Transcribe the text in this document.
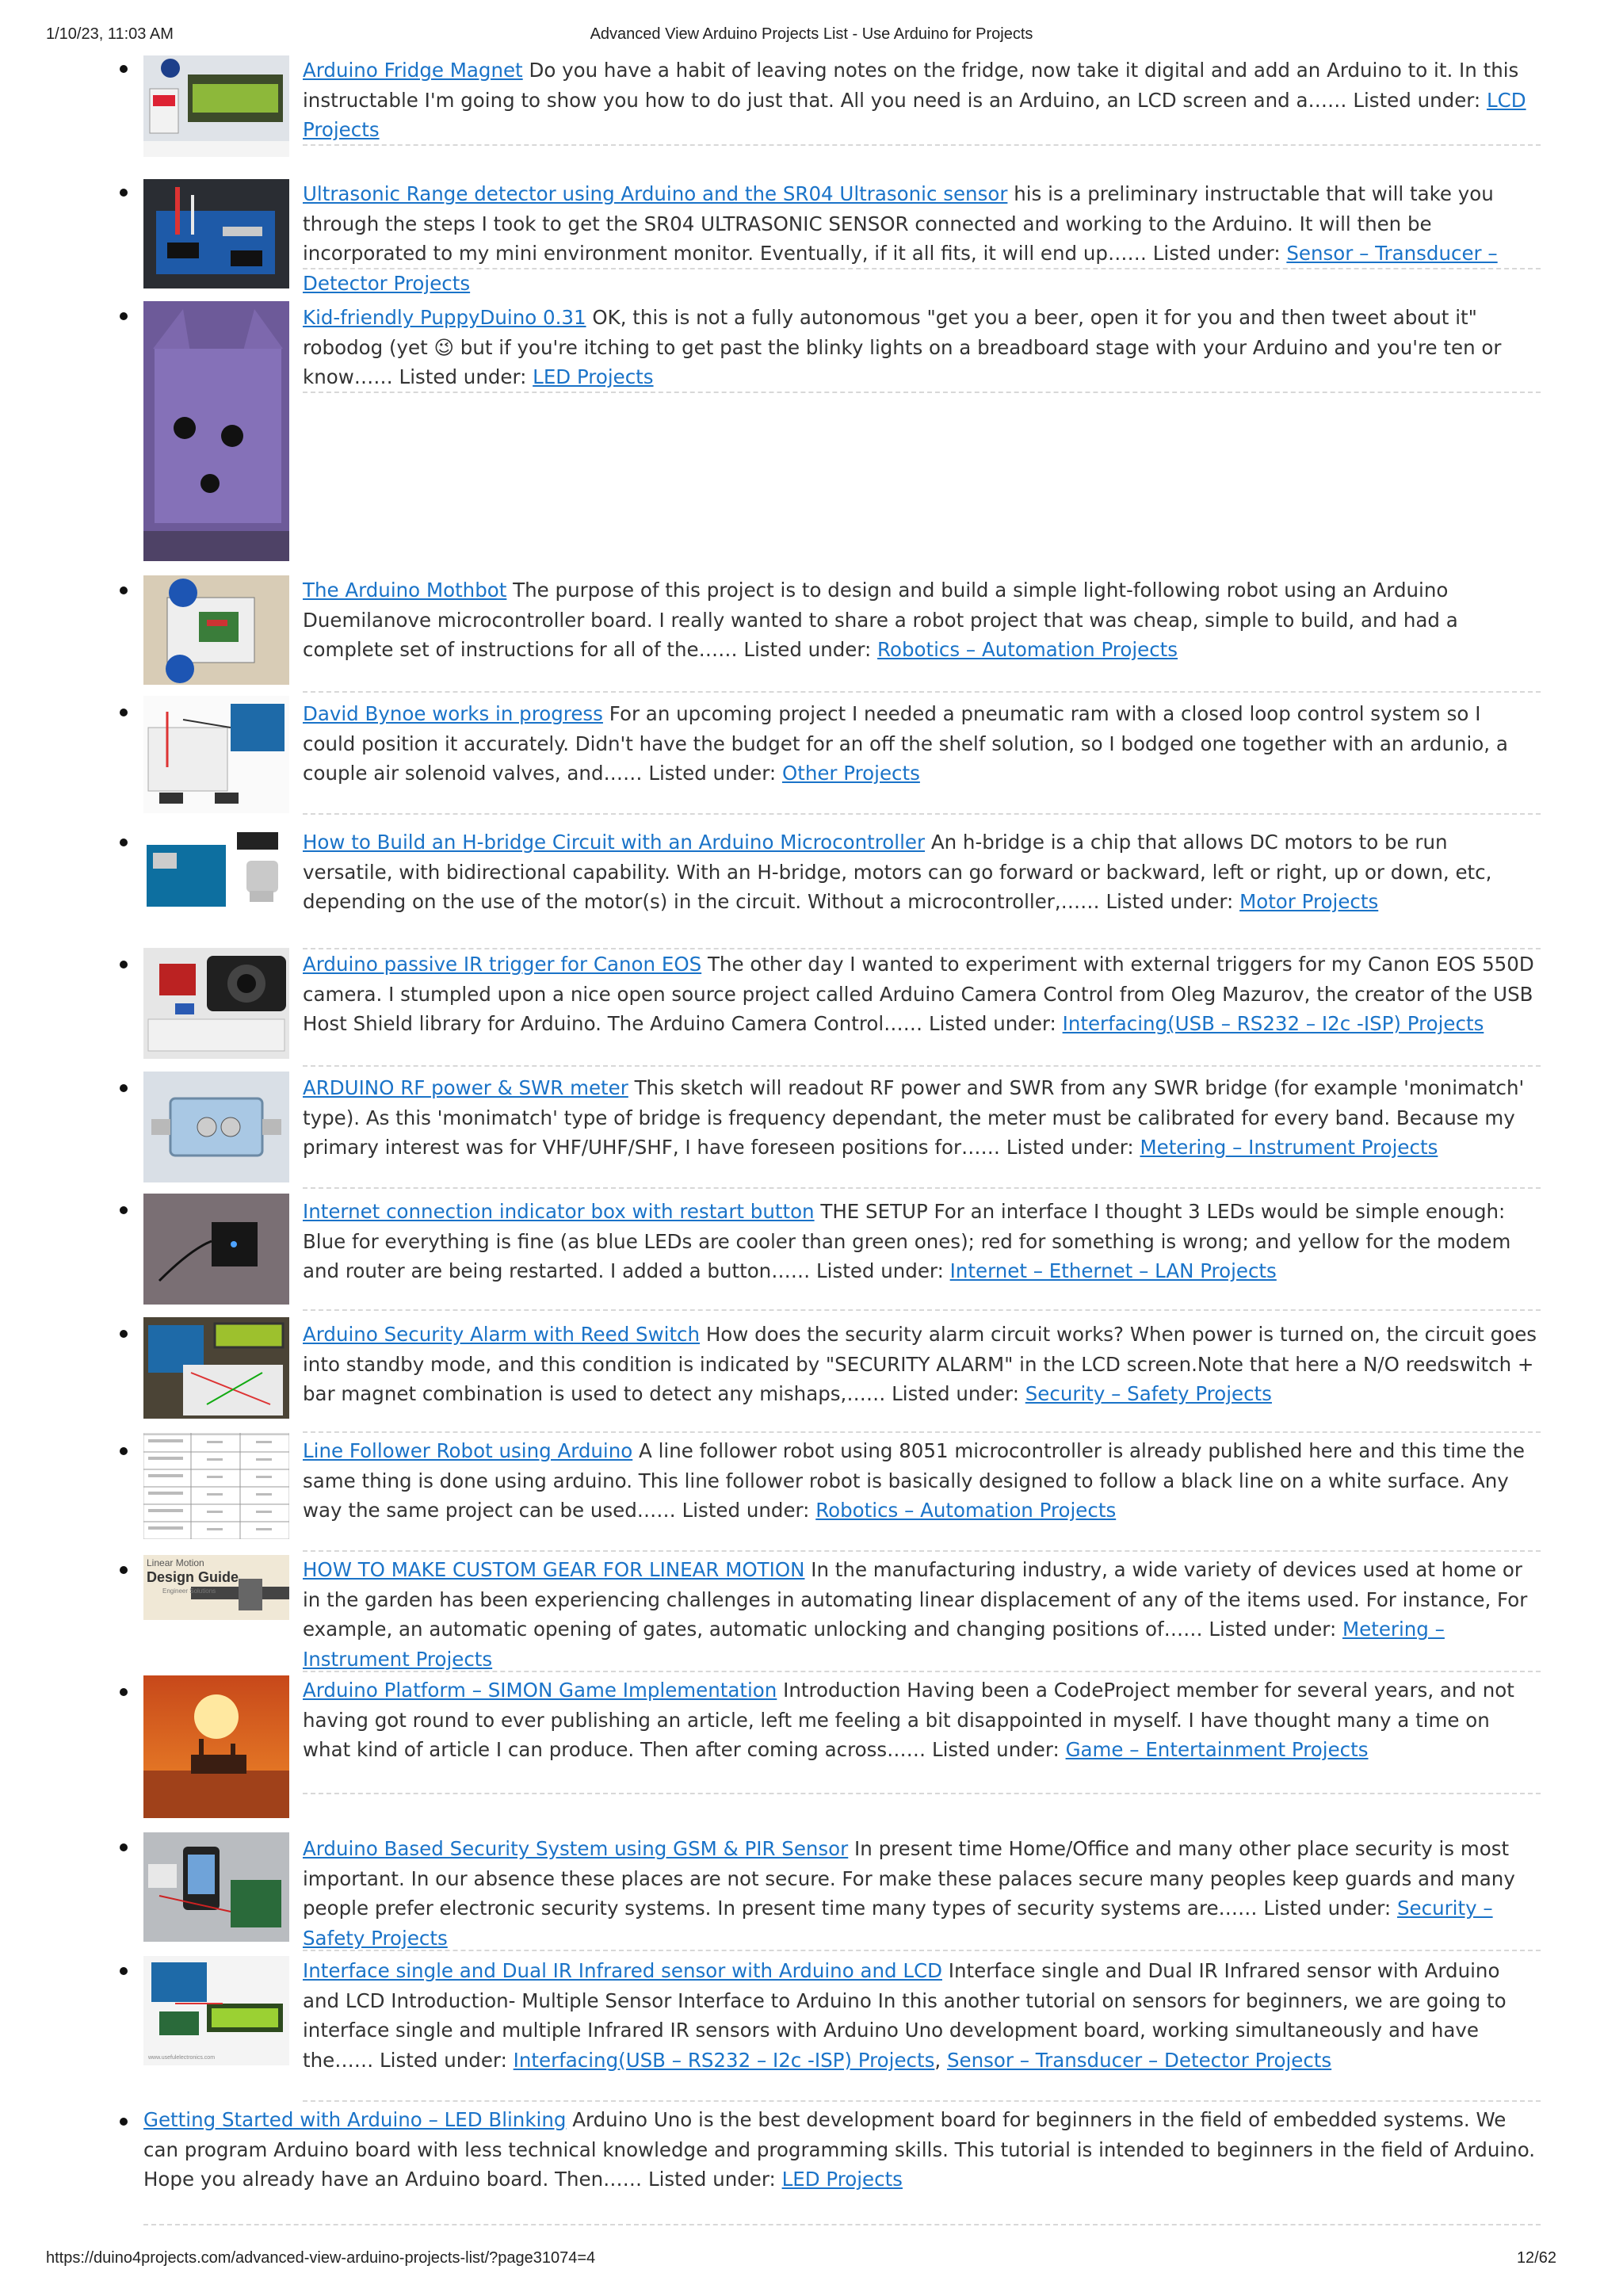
1/10/23, 11:03 AM	Advanced View Arduino Projects List - Use Arduino for Projects
Arduino Fridge Magnet Do you have a habit of leaving notes on the fridge, now take it digital and add an Arduino to it. In this instructable I'm going to show you how to do just that. All you need is an Arduino, an LCD screen and a…… Listed under: LCD Projects
Ultrasonic Range detector using Arduino and the SR04 Ultrasonic sensor his is a preliminary instructable that will take you through the steps I took to get the SR04 ULTRASONIC SENSOR connected and working to the Arduino. It will then be incorporated to my mini environment monitor. Eventually, if it all fits, it will end up…… Listed under: Sensor – Transducer – Detector Projects
Kid-friendly PuppyDuino 0.31 OK, this is not a fully autonomous "get you a beer, open it for you and then tweet about it" robodog (yet 😉 but if you're itching to get past the blinky lights on a breadboard stage with your Arduino and you're ten or know…… Listed under: LED Projects
The Arduino Mothbot The purpose of this project is to design and build a simple light-following robot using an Arduino Duemilanove microcontroller board. I really wanted to share a robot project that was cheap, simple to build, and had a complete set of instructions for all of the…… Listed under: Robotics – Automation Projects
David Bynoe works in progress For an upcoming project I needed a pneumatic ram with a closed loop control system so I could position it accurately. Didn't have the budget for an off the shelf solution, so I bodged one together with an ardunio, a couple air solenoid valves, and…… Listed under: Other Projects
How to Build an H-bridge Circuit with an Arduino Microcontroller An h-bridge is a chip that allows DC motors to be run versatile, with bidirectional capability. With an H-bridge, motors can go forward or backward, left or right, up or down, etc, depending on the use of the motor(s) in the circuit. Without a microcontroller,…… Listed under: Motor Projects
Arduino passive IR trigger for Canon EOS The other day I wanted to experiment with external triggers for my Canon EOS 550D camera. I stumpled upon a nice open source project called Arduino Camera Control from Oleg Mazurov, the creator of the USB Host Shield library for Arduino. The Arduino Camera Control…… Listed under: Interfacing(USB – RS232 – I2c -ISP) Projects
ARDUINO RF power & SWR meter This sketch will readout RF power and SWR from any SWR bridge (for example 'monimatch' type). As this 'monimatch' type of bridge is frequency dependant, the meter must be calibrated for every band. Because my primary interest was for VHF/UHF/SHF, I have foreseen positions for…… Listed under: Metering – Instrument Projects
Internet connection indicator box with restart button THE SETUP For an interface I thought 3 LEDs would be simple enough: Blue for everything is fine (as blue LEDs are cooler than green ones); red for something is wrong; and yellow for the modem and router are being restarted. I added a button…… Listed under: Internet – Ethernet – LAN Projects
Arduino Security Alarm with Reed Switch How does the security alarm circuit works? When power is turned on, the circuit goes into standby mode, and this condition is indicated by "SECURITY ALARM" in the LCD screen.Note that here a N/O reedswitch + bar magnet combination is used to detect any mishaps,…… Listed under: Security – Safety Projects
Line Follower Robot using Arduino A line follower robot using 8051 microcontroller is already published here and this time the same thing is done using arduino. This line follower robot is basically designed to follow a black line on a white surface. Any way the same project can be used…… Listed under: Robotics – Automation Projects
Linear Motion
Design Guide
Engineer Solutions
HOW TO MAKE CUSTOM GEAR FOR LINEAR MOTION In the manufacturing industry, a wide variety of devices used at home or in the garden has been experiencing challenges in automating linear displacement of any of the items used. For instance, For example, an automatic opening of gates, automatic unlocking and changing positions of…… Listed under: Metering – Instrument Projects
Arduino Platform – SIMON Game Implementation Introduction Having been a CodeProject member for several years, and not having got round to ever publishing an article, left me feeling a bit disappointed in myself. I have thought many a time on what kind of article I can produce. Then after coming across…… Listed under: Game – Entertainment Projects
Arduino Based Security System using GSM & PIR Sensor In present time Home/Office and many other place security is most important. In our absence these places are not secure. For make these palaces secure many peoples keep guards and many people prefer electronic security systems. In present time many types of security systems are…… Listed under: Security – Safety Projects
www.usefulelectronics.com
Interface single and Dual IR Infrared sensor with Arduino and LCD Interface single and Dual IR Infrared sensor with Arduino and LCD Introduction- Multiple Sensor Interface to Arduino In this another tutorial on sensors for beginners, we are going to interface single and multiple Infrared IR sensors with Arduino Uno development board, working simultaneously and have the…… Listed under: Interfacing(USB – RS232 – I2c -ISP) Projects, Sensor – Transducer – Detector Projects
Getting Started with Arduino – LED Blinking Arduino Uno is the best development board for beginners in the field of embedded systems. We can program Arduino board with less technical knowledge and programming skills. This tutorial is intended to beginners in the field of Arduino. Hope you already have an Arduino board. Then…… Listed under: LED Projects
https://duino4projects.com/advanced-view-arduino-projects-list/?page31074=4	12/62
